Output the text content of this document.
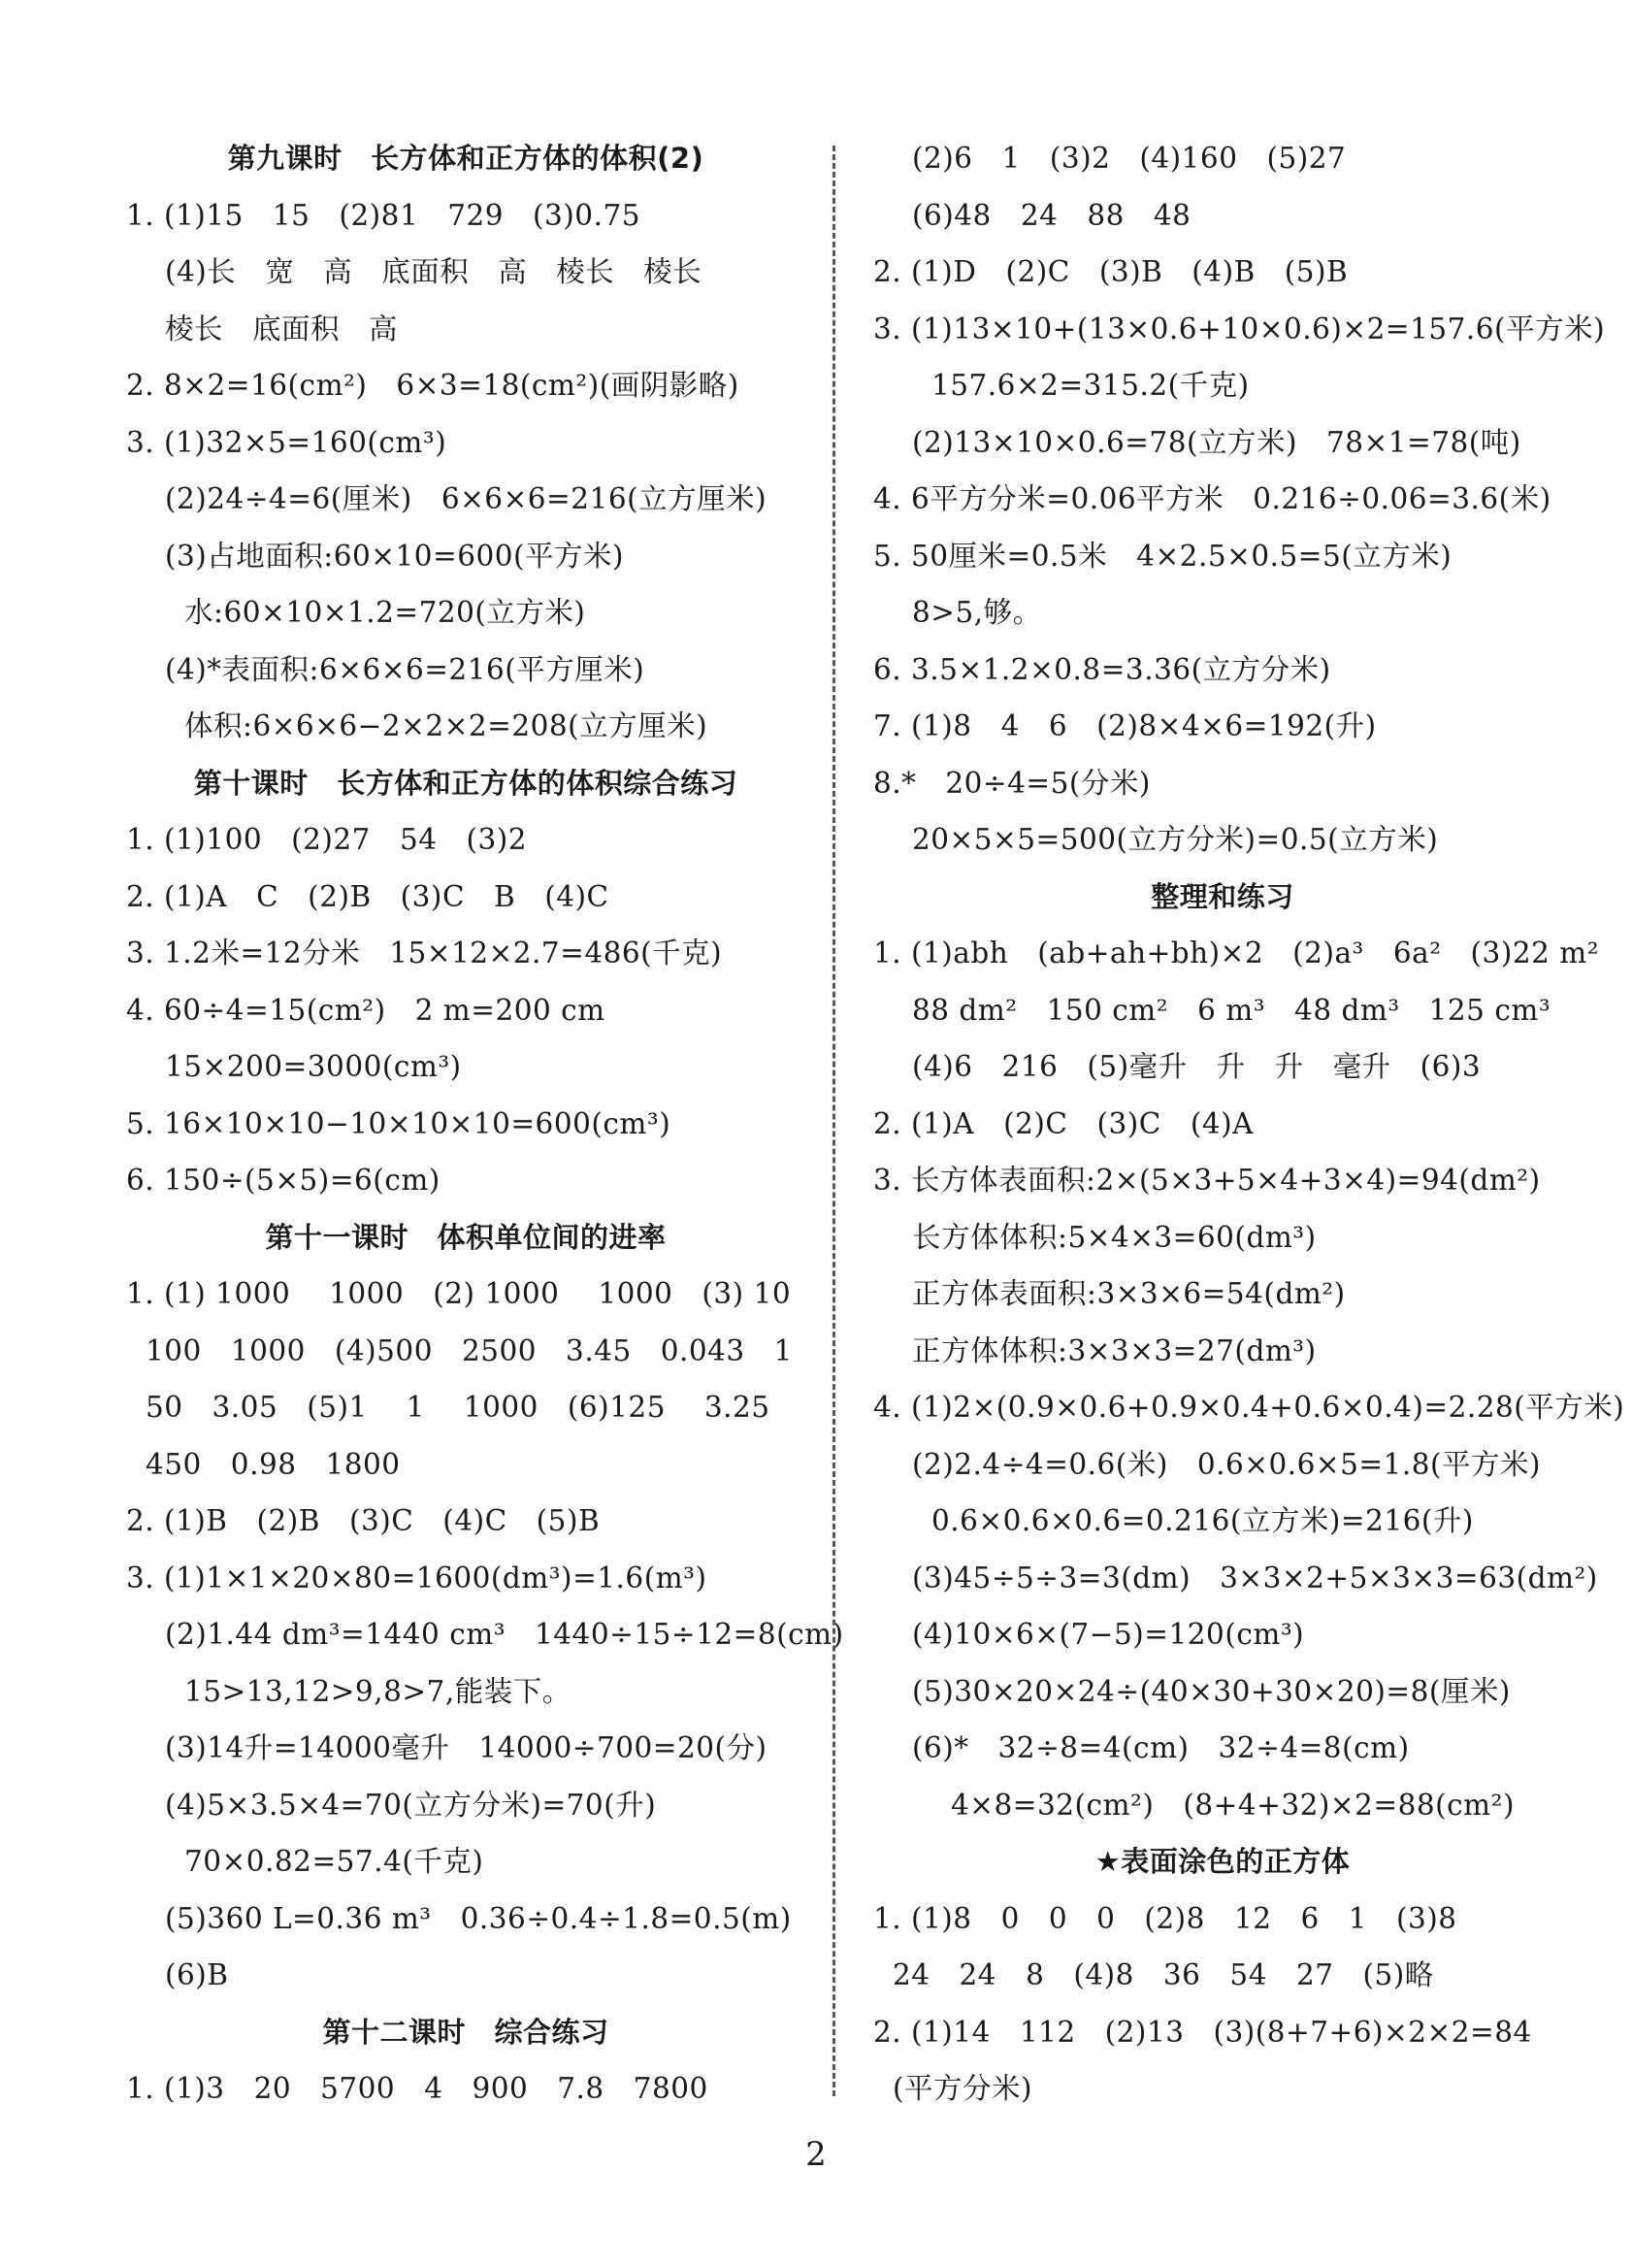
第九课时　长方体和正方体的体积(2)
1. (1)15　15　(2)81　729　(3)0.75
(4)长　宽　高　底面积　高　棱长　棱长
棱长　底面积　高
2. 8×2=16(cm²)　6×3=18(cm²)(画阴影略)
3. (1)32×5=160(cm³)
(2)24÷4=6(厘米)　6×6×6=216(立方厘米)
(3)占地面积:60×10=600(平方米)
水:60×10×1.2=720(立方米)
(4)*表面积:6×6×6=216(平方厘米)
体积:6×6×6−2×2×2=208(立方厘米)
第十课时　长方体和正方体的体积综合练习
1. (1)100　(2)27　54　(3)2
2. (1)A　C　(2)B　(3)C　B　(4)C
3. 1.2米=12分米　15×12×2.7=486(千克)
4. 60÷4=15(cm²)　2 m=200 cm
15×200=3000(cm³)
5. 16×10×10−10×10×10=600(cm³)
6. 150÷(5×5)=6(cm)
第十一课时　体积单位间的进率
1. (1) 1000　 1000　(2) 1000　 1000　(3) 10
100　1000　(4)500　2500　3.45　0.043　1
50　3.05　(5)1　 1　 1000　(6)125　 3.25
450　0.98　1800
2. (1)B　(2)B　(3)C　(4)C　(5)B
3. (1)1×1×20×80=1600(dm³)=1.6(m³)
(2)1.44 dm³=1440 cm³　1440÷15÷12=8(cm)
15>13,12>9,8>7,能装下。
(3)14升=14000毫升　14000÷700=20(分)
(4)5×3.5×4=70(立方分米)=70(升)
70×0.82=57.4(千克)
(5)360 L=0.36 m³　0.36÷0.4÷1.8=0.5(m)
(6)B
第十二课时　综合练习
1. (1)3　20　5700　4　900　7.8　7800
(2)6　1　(3)2　(4)160　(5)27
(6)48　24　88　48
2. (1)D　(2)C　(3)B　(4)B　(5)B
3. (1)13×10+(13×0.6+10×0.6)×2=157.6(平方米)
157.6×2=315.2(千克)
(2)13×10×0.6=78(立方米)　78×1=78(吨)
4. 6平方分米=0.06平方米　0.216÷0.06=3.6(米)
5. 50厘米=0.5米　4×2.5×0.5=5(立方米)
8>5,够。
6. 3.5×1.2×0.8=3.36(立方分米)
7. (1)8　4　6　(2)8×4×6=192(升)
8.*　20÷4=5(分米)
20×5×5=500(立方分米)=0.5(立方米)
整理和练习
1. (1)abh　(ab+ah+bh)×2　(2)a³　6a²　(3)22 m²
88 dm²　150 cm²　6 m³　48 dm³　125 cm³
(4)6　216　(5)毫升　升　升　毫升　(6)3
2. (1)A　(2)C　(3)C　(4)A
3. 长方体表面积:2×(5×3+5×4+3×4)=94(dm²)
长方体体积:5×4×3=60(dm³)
正方体表面积:3×3×6=54(dm²)
正方体体积:3×3×3=27(dm³)
4. (1)2×(0.9×0.6+0.9×0.4+0.6×0.4)=2.28(平方米)
(2)2.4÷4=0.6(米)　0.6×0.6×5=1.8(平方米)
0.6×0.6×0.6=0.216(立方米)=216(升)
(3)45÷5÷3=3(dm)　3×3×2+5×3×3=63(dm²)
(4)10×6×(7−5)=120(cm³)
(5)30×20×24÷(40×30+30×20)=8(厘米)
(6)*　32÷8=4(cm)　32÷4=8(cm)
4×8=32(cm²)　(8+4+32)×2=88(cm²)
★表面涂色的正方体
1. (1)8　0　0　0　(2)8　12　6　1　(3)8
24　24　8　(4)8　36　54　27　(5)略
2. (1)14　112　(2)13　(3)(8+7+6)×2×2=84
(平方分米)
2
